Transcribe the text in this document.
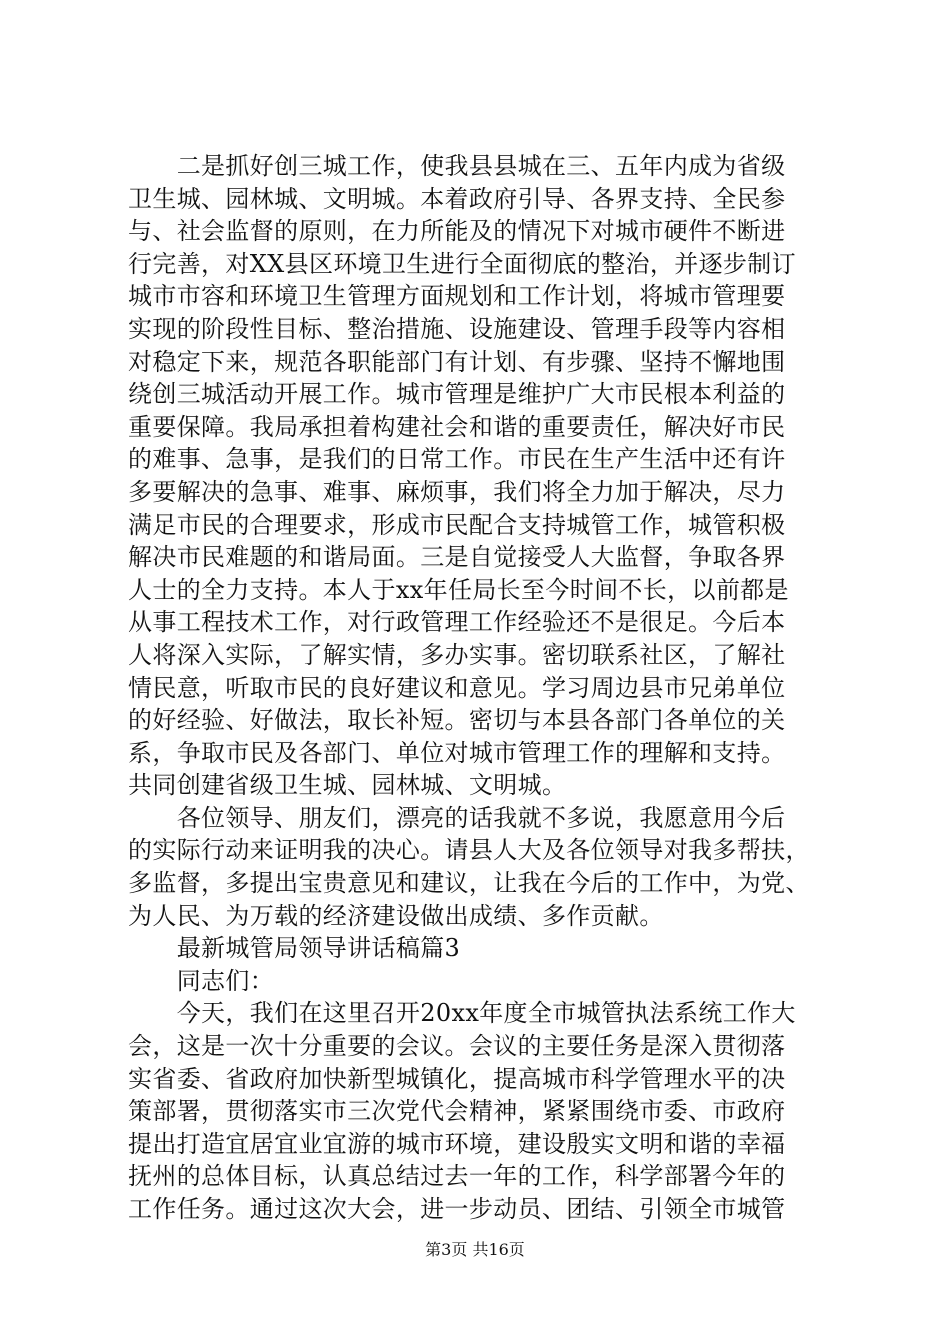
　　二是抓好创三城工作，使我县县城在三、五年内成为省级
卫生城、园林城、文明城。本着政府引导、各界支持、全民参
与、社会监督的原则，在力所能及的情况下对城市硬件不断进
行完善，对XX县区环境卫生进行全面彻底的整治，并逐步制订
城市市容和环境卫生管理方面规划和工作计划，将城市管理要
实现的阶段性目标、整治措施、设施建设、管理手段等内容相
对稳定下来，规范各职能部门有计划、有步骤、坚持不懈地围
绕创三城活动开展工作。城市管理是维护广大市民根本利益的
重要保障。我局承担着构建社会和谐的重要责任，解决好市民
的难事、急事，是我们的日常工作。市民在生产生活中还有许
多要解决的急事、难事、麻烦事，我们将全力加于解决，尽力
满足市民的合理要求，形成市民配合支持城管工作，城管积极
解决市民难题的和谐局面。三是自觉接受人大监督，争取各界
人士的全力支持。本人于xx年任局长至今时间不长，以前都是
从事工程技术工作，对行政管理工作经验还不是很足。今后本
人将深入实际，了解实情，多办实事。密切联系社区，了解社
情民意，听取市民的良好建议和意见。学习周边县市兄弟单位
的好经验、好做法，取长补短。密切与本县各部门各单位的关
系，争取市民及各部门、单位对城市管理工作的理解和支持。
共同创建省级卫生城、园林城、文明城。
　　各位领导、朋友们，漂亮的话我就不多说，我愿意用今后
的实际行动来证明我的决心。请县人大及各位领导对我多帮扶，
多监督，多提出宝贵意见和建议，让我在今后的工作中，为党、
为人民、为万载的经济建设做出成绩、多作贡献。
　　最新城管局领导讲话稿篇3
　　同志们：
　　今天，我们在这里召开20xx年度全市城管执法系统工作大
会，这是一次十分重要的会议。会议的主要任务是深入贯彻落
实省委、省政府加快新型城镇化，提高城市科学管理水平的决
策部署，贯彻落实市三次党代会精神，紧紧围绕市委、市政府
提出打造宜居宜业宜游的城市环境，建设殷实文明和谐的幸福
抚州的总体目标，认真总结过去一年的工作，科学部署今年的
工作任务。通过这次大会，进一步动员、团结、引领全市城管
第3页 共16页
